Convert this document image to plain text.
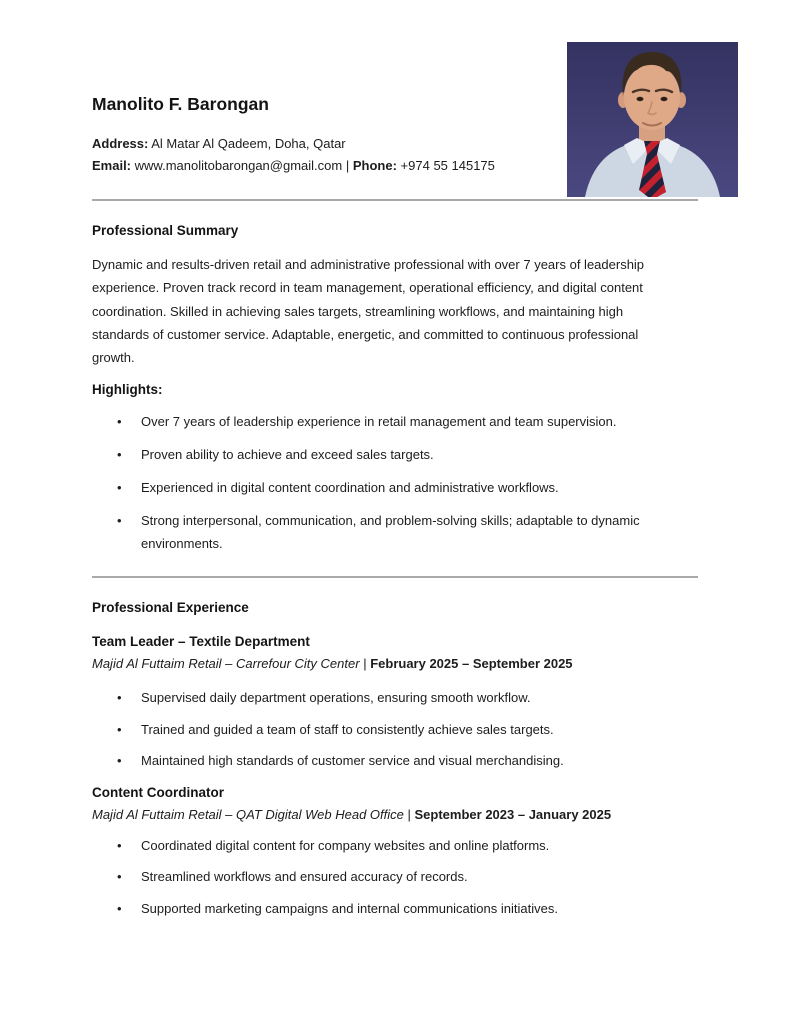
Manolito F. Barongan
Address: Al Matar Al Qadeem, Doha, Qatar
Email: www.manolitobarongan@gmail.com | Phone: +974 55 145175
Professional Summary

Dynamic and results-driven retail and administrative professional with over 7 years of leadership experience. Proven track record in team management, operational efficiency, and digital content coordination. Skilled in achieving sales targets, streamlining workflows, and maintaining high standards of customer service. Adaptable, energetic, and committed to continuous professional growth.

Highlights:
• Over 7 years of leadership experience in retail management and team supervision.
• Proven ability to achieve and exceed sales targets.
• Experienced in digital content coordination and administrative workflows.
• Strong interpersonal, communication, and problem-solving skills; adaptable to dynamic environments.
Professional Experience
Team Leader – Textile Department

Majid Al Futtaim Retail – Carrefour City Center | February 2025 – September 2025

• Supervised daily department operations, ensuring smooth workflow.
• Trained and guided a team of staff to consistently achieve sales targets.
• Maintained high standards of customer service and visual merchandising.
Content Coordinator

Majid Al Futtaim Retail – QAT Digital Web Head Office | September 2023 – January 2025

• Coordinated digital content for company websites and online platforms.
• Streamlined workflows and ensured accuracy of records.
• Supported marketing campaigns and internal communications initiatives.
